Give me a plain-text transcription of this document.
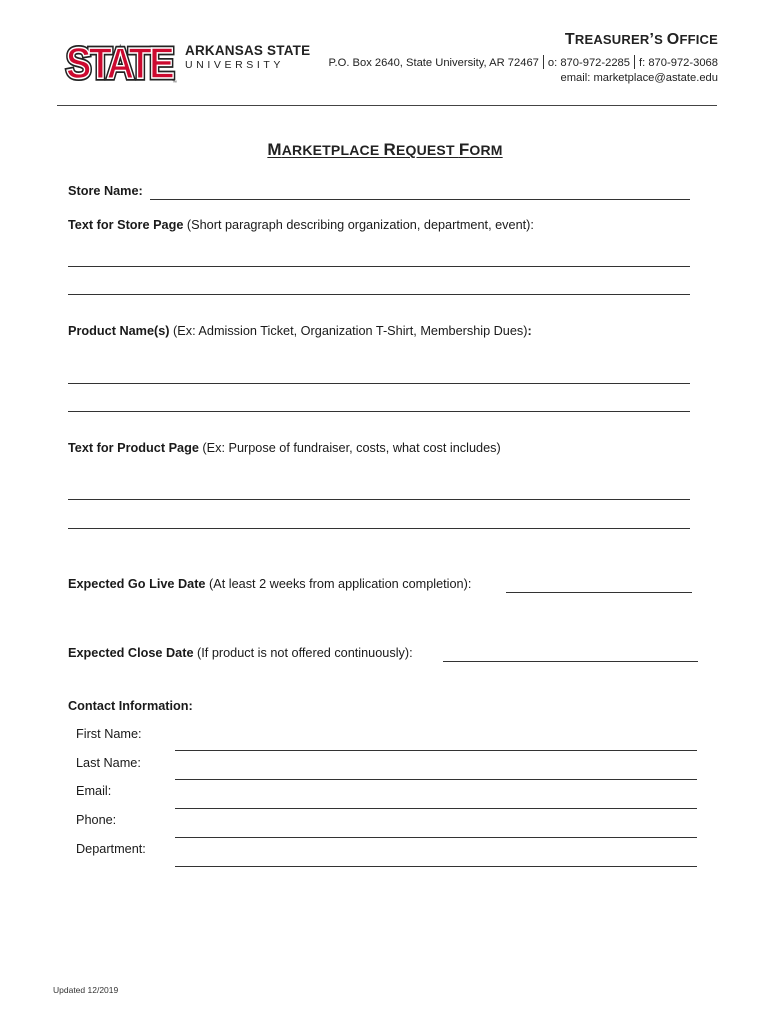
STATE
STATE ARKANSAS STATE
UNIVERSITY
™
TREASURER’S OFFICE
P.O. Box 2640, State University, AR 72467 o: 870-972-2285 f: 870-972-3068
email: marketplace@astate.edu
MARKETPLACE REQUEST FORM
Store Name:
Text for Store Page (Short paragraph describing organization, department, event):
Product Name(s) (Ex: Admission Ticket, Organization T-Shirt, Membership Dues):
Text for Product Page (Ex: Purpose of fundraiser, costs, what cost includes)
Expected Go Live Date (At least 2 weeks from application completion):
Expected Close Date (If product is not offered continuously):
Contact Information:
First Name:
Last Name:
Email:
Phone:
Department:
Updated 12/2019
